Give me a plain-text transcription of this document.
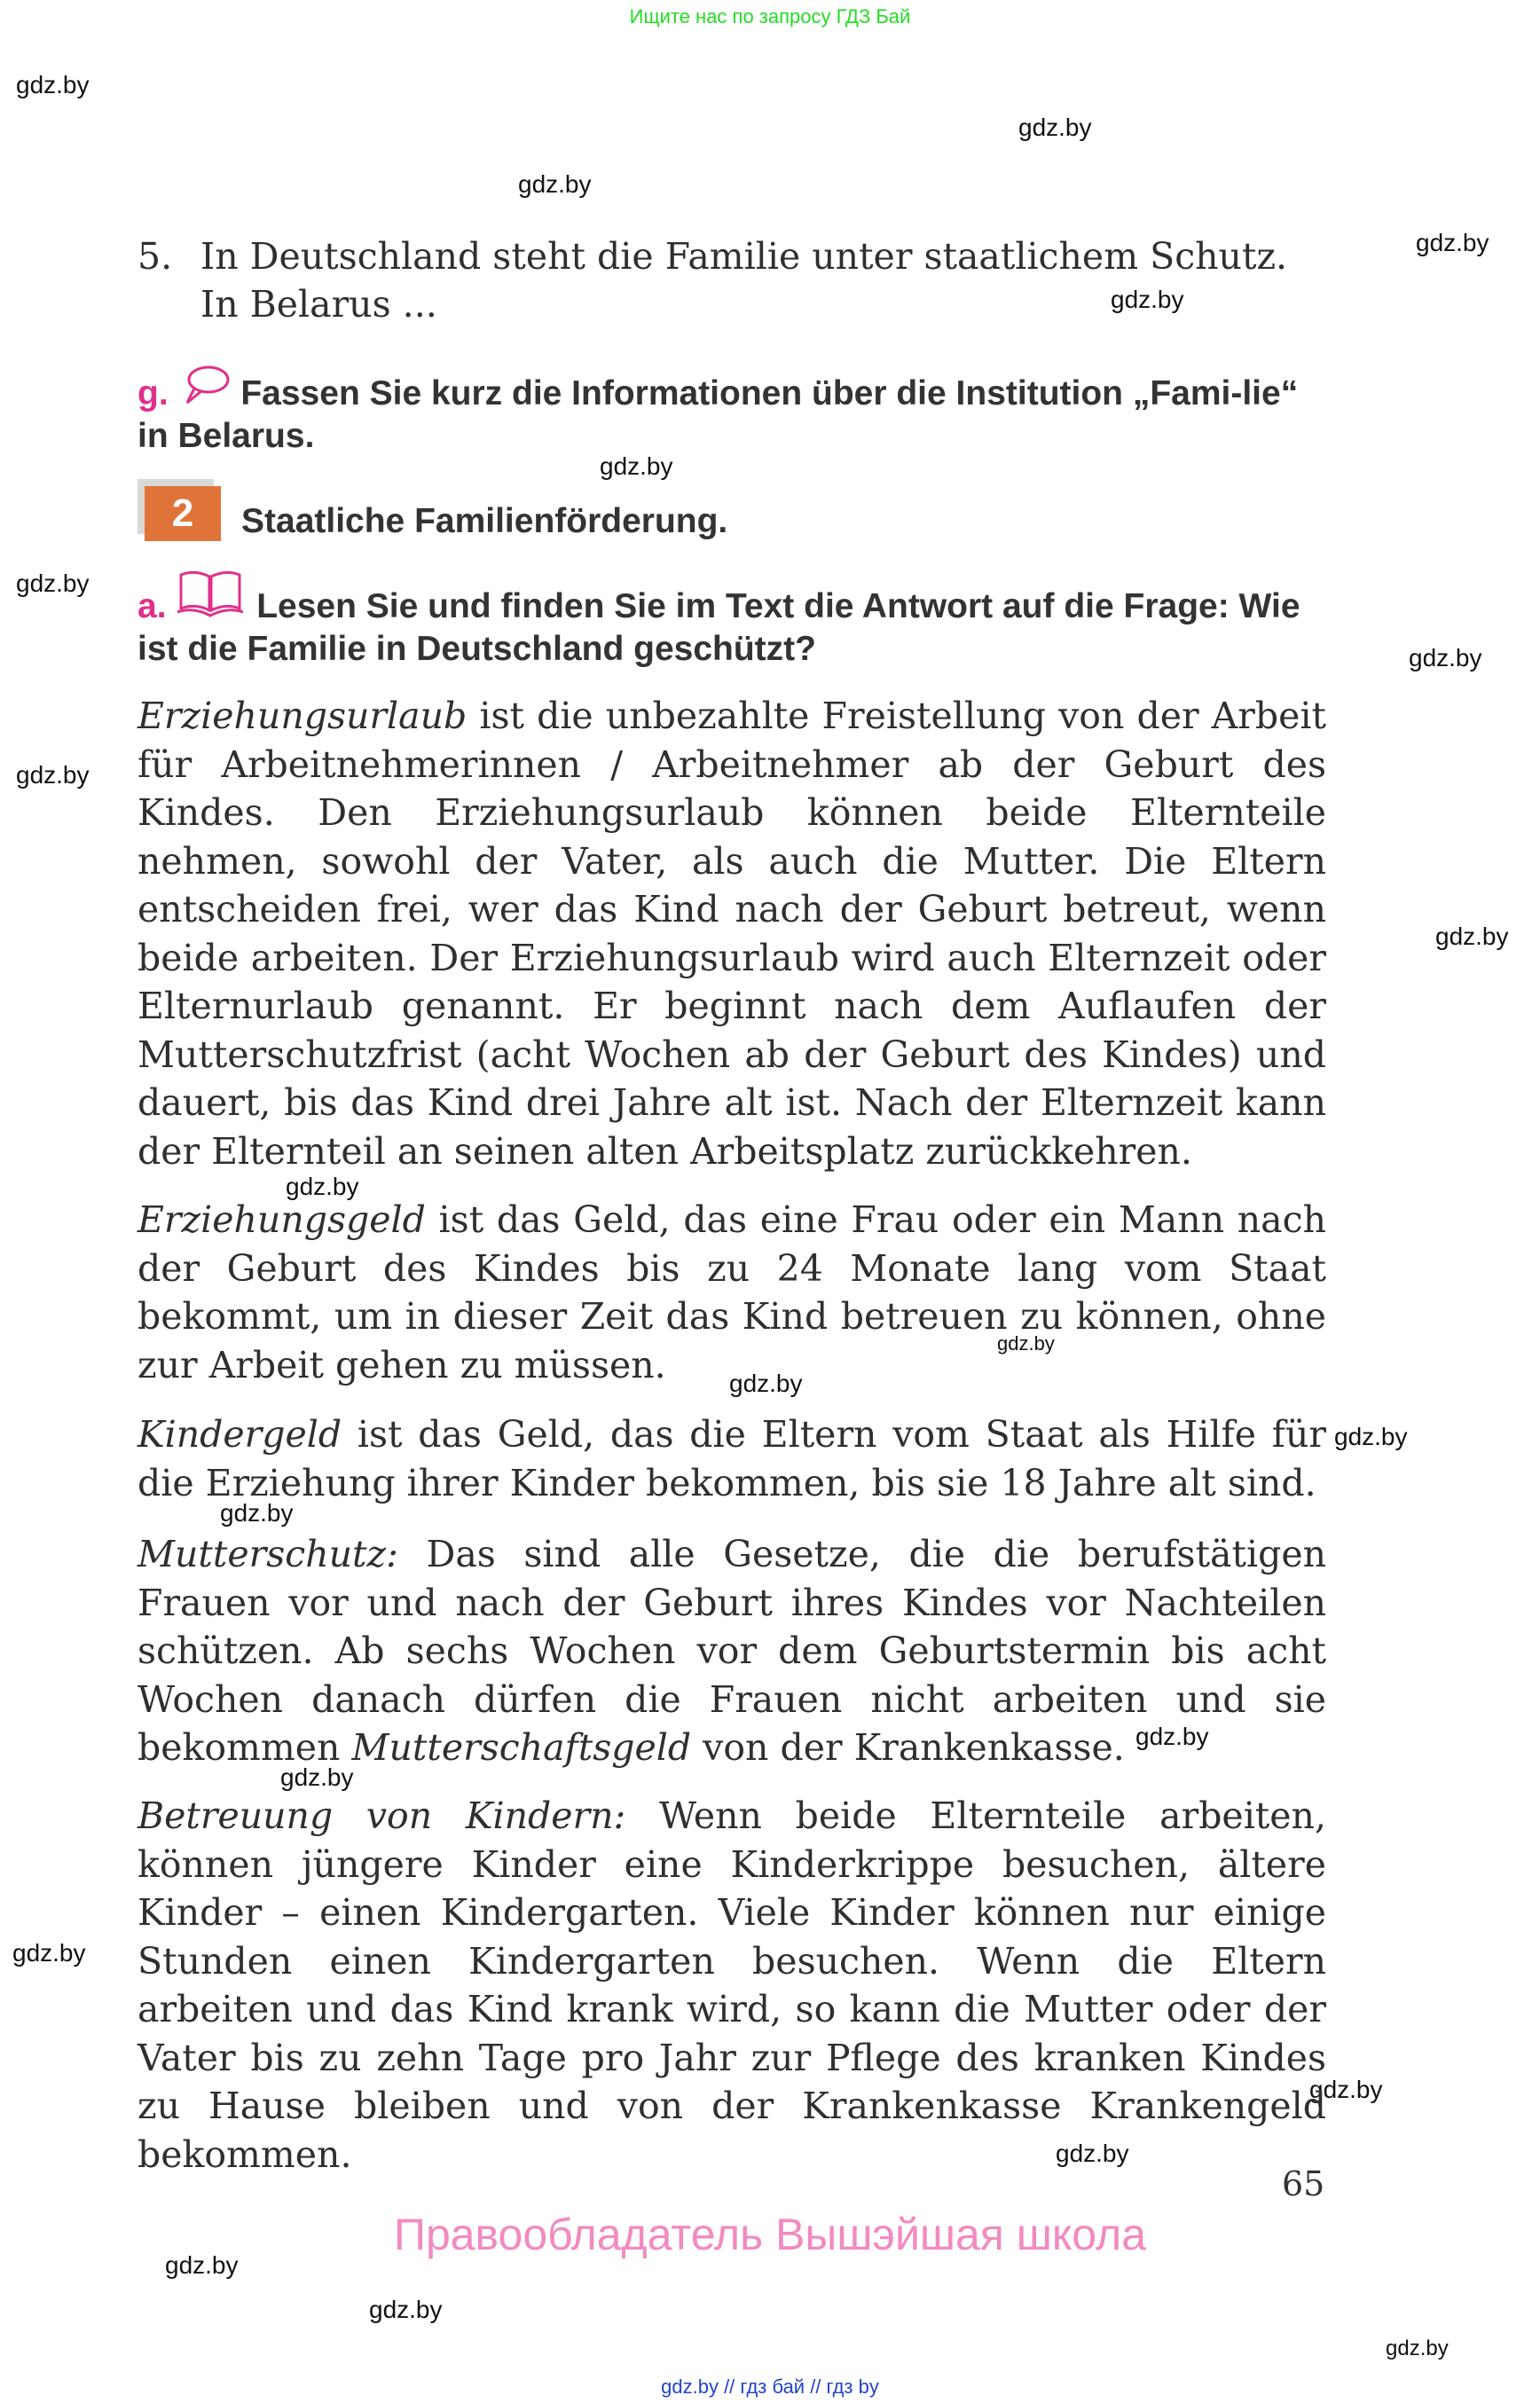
Ищите нас по запросу ГДЗ Бай
gdz.by
gdz.by
gdz.by
gdz.by
gdz.by
gdz.by
gdz.by
gdz.by
gdz.by
gdz.by
gdz.by
gdz.by
gdz.by
gdz.by
gdz.by
gdz.by
gdz.by
gdz.by
gdz.by
gdz.by
gdz.by
gdz.by
gdz.by
5. In Deutschland steht die Familie unter staatlichem Schutz.
In Belarus ...
g. Fassen Sie kurz die Informationen über die Institution „Fami-lie“ in Belarus.
2	Staatliche Familienförderung.
a.	Lesen Sie und finden Sie im Text die Antwort auf die Frage: Wie ist die Familie in Deutschland geschützt?
Erziehungsurlaub ist die unbezahlte Freistellung von der Arbeit für Arbeitnehmerinnen / Arbeitnehmer ab der Geburt des Kindes. Den Erziehungsurlaub können beide Elternteile nehmen, sowohl der Vater, als auch die Mutter. Die Eltern entscheiden frei, wer das Kind nach der Geburt betreut, wenn beide arbeiten. Der Erziehungsurlaub wird auch Elternzeit oder Elternurlaub genannt. Er beginnt nach dem Auflaufen der Mutterschutzfrist (acht Wochen ab der Geburt des Kindes) und dauert, bis das Kind drei Jahre alt ist. Nach der Elternzeit kann der Elternteil an seinen alten Arbeitsplatz zurückkehren.
Erziehungsgeld ist das Geld, das eine Frau oder ein Mann nach der Geburt des Kindes bis zu 24 Monate lang vom Staat bekommt, um in dieser Zeit das Kind betreuen zu können, ohne zur Arbeit gehen zu müssen.
Kindergeld ist das Geld, das die Eltern vom Staat als Hilfe für die Erziehung ihrer Kinder bekommen, bis sie 18 Jahre alt sind.
Mutterschutz: Das sind alle Gesetze, die die berufstätigen Frauen vor und nach der Geburt ihres Kindes vor Nachteilen schützen. Ab sechs Wochen vor dem Geburtstermin bis acht Wochen danach dürfen die Frauen nicht arbeiten und sie bekommen Mutterschaftsgeld von der Krankenkasse.
Betreuung von Kindern: Wenn beide Elternteile arbeiten, können jüngere Kinder eine Kinderkrippe besuchen, ältere Kinder – einen Kindergarten. Viele Kinder können nur einige Stunden einen Kindergarten besuchen. Wenn die Eltern arbeiten und das Kind krank wird, so kann die Mutter oder der Vater bis zu zehn Tage pro Jahr zur Pflege des kranken Kindes zu Hause bleiben und von der Krankenkasse Krankengeld bekommen.
65
Правообладатель Вышэйшая школа
gdz.by // гдз бай // гдз by
